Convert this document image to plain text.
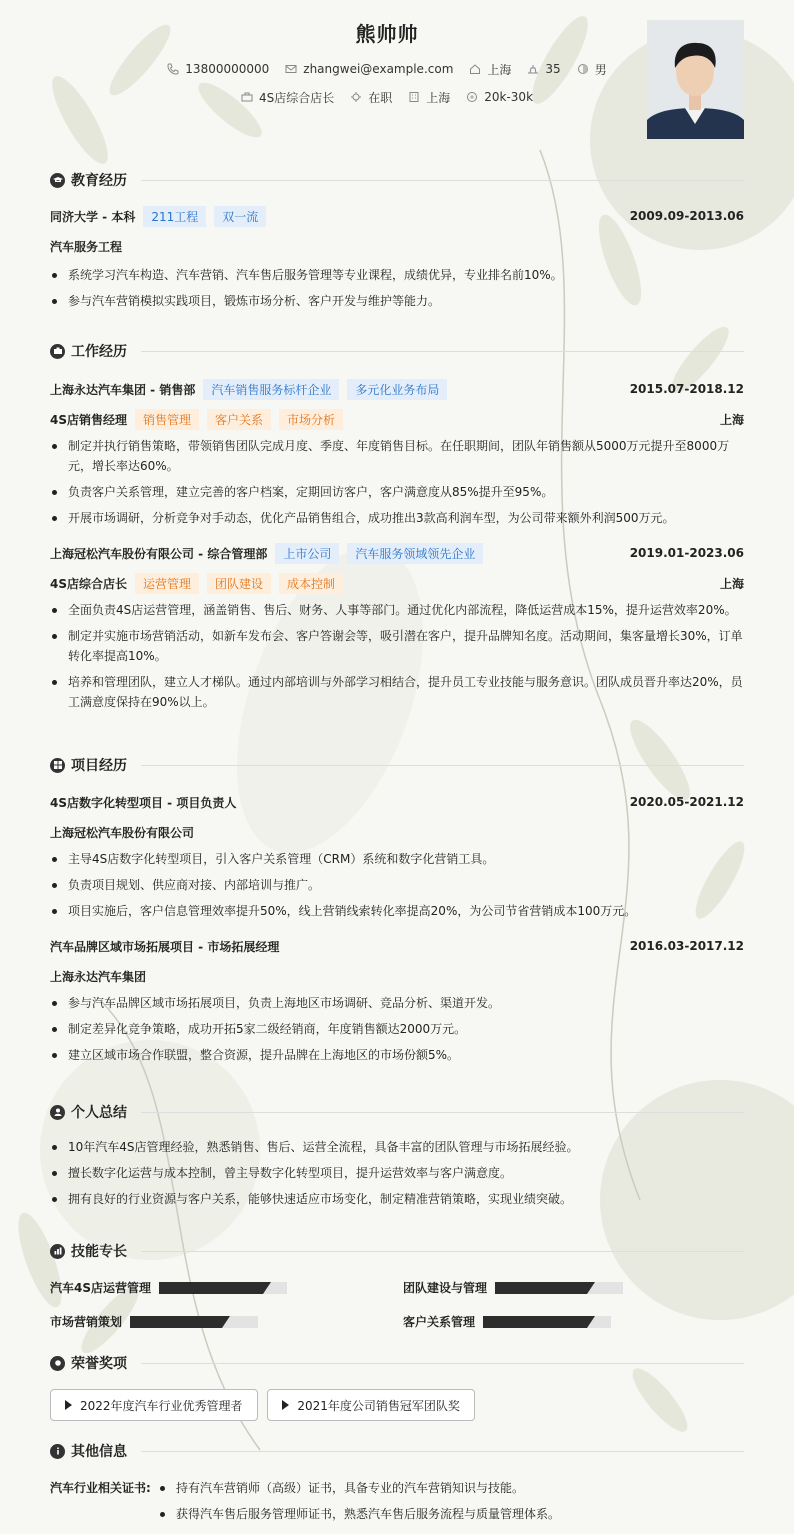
熊帅帅
13800000000	zhangwei@example.com	上海	35	男
4S店综合店长	在职	上海	20k-30k
教育经历
同济大学 - 本科	211工程	双一流	2009.09-2013.06
汽车服务工程
系统学习汽车构造、汽车营销、汽车售后服务管理等专业课程，成绩优异，专业排名前10%。
参与汽车营销模拟实践项目，锻炼市场分析、客户开发与维护等能力。
工作经历
上海永达汽车集团 - 销售部	汽车销售服务标杆企业	多元化业务布局	2015.07-2018.12
4S店销售经理	销售管理	客户关系	市场分析	上海
制定并执行销售策略，带领销售团队完成月度、季度、年度销售目标。在任职期间，团队年销售额从5000万元提升至8000万
元，增长率达60%。
负责客户关系管理，建立完善的客户档案，定期回访客户，客户满意度从85%提升至95%。
开展市场调研，分析竞争对手动态，优化产品销售组合，成功推出3款高利润车型，为公司带来额外利润500万元。
上海冠松汽车股份有限公司 - 综合管理部	上市公司	汽车服务领域领先企业	2019.01-2023.06
4S店综合店长	运营管理	团队建设	成本控制	上海
全面负责4S店运营管理，涵盖销售、售后、财务、人事等部门。通过优化内部流程，降低运营成本15%，提升运营效率20%。
制定并实施市场营销活动，如新车发布会、客户答谢会等，吸引潜在客户，提升品牌知名度。活动期间，集客量增长30%，订单
转化率提高10%。
培养和管理团队，建立人才梯队。通过内部培训与外部学习相结合，提升员工专业技能与服务意识。团队成员晋升率达20%，员
工满意度保持在90%以上。
项目经历
4S店数字化转型项目 - 项目负责人	2020.05-2021.12
上海冠松汽车股份有限公司
主导4S店数字化转型项目，引入客户关系管理（CRM）系统和数字化营销工具。
负责项目规划、供应商对接、内部培训与推广。
项目实施后，客户信息管理效率提升50%，线上营销线索转化率提高20%，为公司节省营销成本100万元。
汽车品牌区域市场拓展项目 - 市场拓展经理	2016.03-2017.12
上海永达汽车集团
参与汽车品牌区域市场拓展项目，负责上海地区市场调研、竞品分析、渠道开发。
制定差异化竞争策略，成功开拓5家二级经销商，年度销售额达2000万元。
建立区域市场合作联盟，整合资源，提升品牌在上海地区的市场份额5%。
个人总结
10年汽车4S店管理经验，熟悉销售、售后、运营全流程，具备丰富的团队管理与市场拓展经验。
擅长数字化运营与成本控制，曾主导数字化转型项目，提升运营效率与客户满意度。
拥有良好的行业资源与客户关系，能够快速适应市场变化，制定精准营销策略，实现业绩突破。
技能专长
汽车4S店运营管理	团队建设与管理
市场营销策划	客户关系管理
荣誉奖项
2022年度汽车行业优秀管理者
	2021年度公司销售冠军团队奖
其他信息
汽车行业相关证书:	持有汽车营销师（高级）证书，具备专业的汽车营销知识与技能。
获得汽车售后服务管理师证书，熟悉汽车售后服务流程与质量管理体系。
